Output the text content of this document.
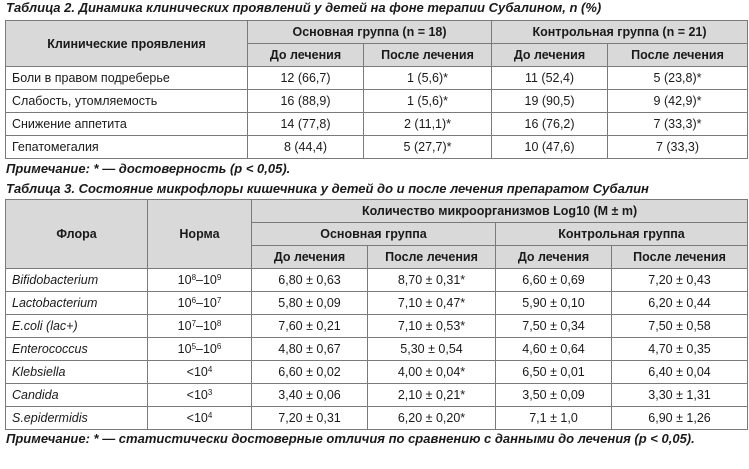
Таблица 2. Динамика клинических проявлений у детей на фоне терапии Субалином, n (%)
Клинические проявления	Основная группа (n = 18)		Контрольная группа (n = 21)	
	До лечения	После лечения	До лечения	После лечения
Боли в правом подреберье	12 (66,7)	1 (5,6)*	11 (52,4)	5 (23,8)*
Слабость, утомляемость	16 (88,9)	1 (5,6)*	19 (90,5)	9 (42,9)*
Снижение аппетита	14 (77,8)	2 (11,1)*	16 (76,2)	7 (33,3)*
Гепатомегалия	8 (44,4)	5 (27,7)*	10 (47,6)	7 (33,3)
Примечание: * — достоверность (р < 0,05).
Таблица 3. Состояние микрофлоры кишечника у детей до и после лечения препаратом Субалин
Флора	Норма	Количество микроорганизмов Log10 (M ± m)			
		Основная группа		Контрольная группа	
		До лечения	После лечения	До лечения	После лечения
Bifidobacterium	$10^8-10^9$	6,80 ± 0,63	8,70 ± 0,31*	6,60 ± 0,69	7,20 ± 0,43
Lactobacterium	$10^6-10^7$	5,80 ± 0,09	7,10 ± 0,47*	5,90 ± 0,10	6,20 ± 0,44
E.coli (lac+)	$10^7-10^8$	7,60 ± 0,21	7,10 ± 0,53*	7,50 ± 0,34	7,50 ± 0,58
Enterococcus	$10^5-10^6$	4,80 ± 0,67	5,30 ± 0,54	4,60 ± 0,64	4,70 ± 0,35
Klebsiella	$<10^4$	6,60 ± 0,02	4,00 ± 0,04*	6,50 ± 0,01	6,40 ± 0,04
Candida	$<10^3$	3,40 ± 0,06	2,10 ± 0,21*	3,50 ± 0,09	3,30 ± 1,31
S.epidermidis	$<10^4$	7,20 ± 0,31	6,20 ± 0,20*	7,1 ± 1,0	6,90 ± 1,26
Примечание: * — статистически достоверные отличия по сравнению с данными до лечения (р < 0,05).
